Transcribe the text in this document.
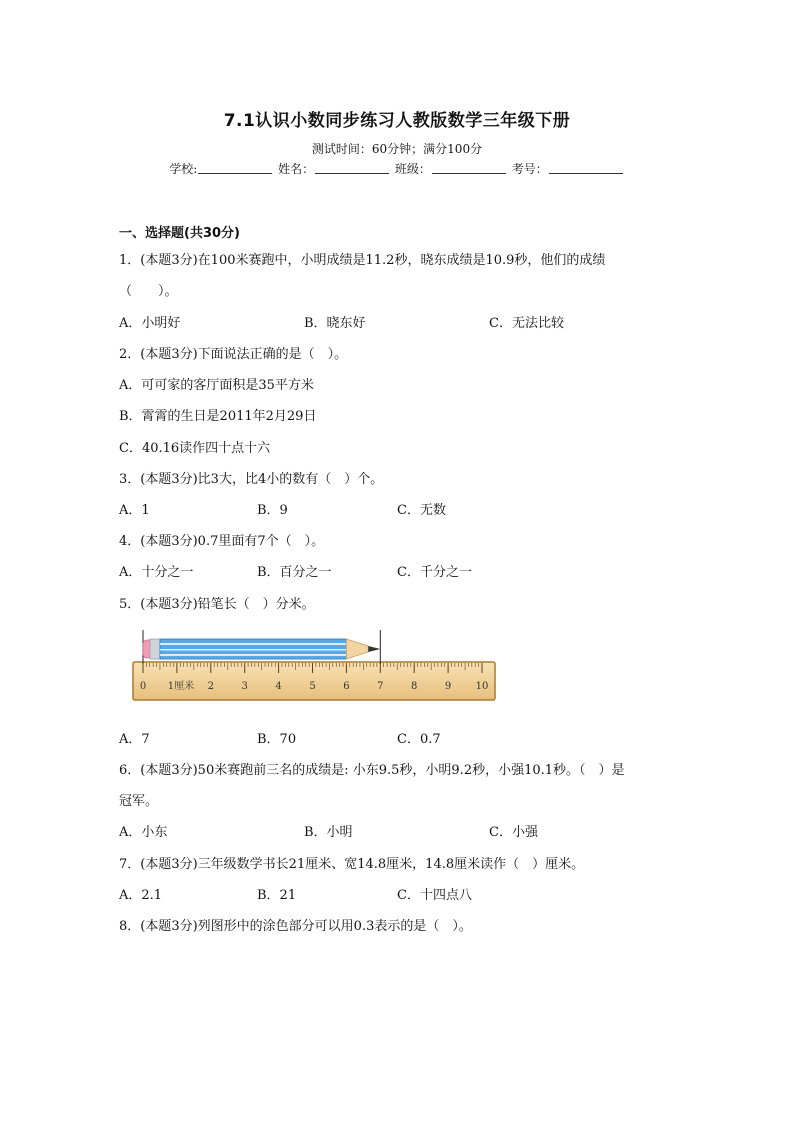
7.1认识小数同步练习人教版数学三年级下册
测试时间：60分钟；满分100分
学校:	姓名：	班级：	考号：
一、选择题(共30分)
1．(本题3分)在100米赛跑中，小明成绩是11.2秒，晓东成绩是10.9秒，他们的成绩
（　　）。
A．小明好	B．晓东好	C．无法比较
2．(本题3分)下面说法正确的是（　）。
A．可可家的客厅面积是35平方米
B．霄霄的生日是2011年2月29日
C．40.16读作四十点十六
3．(本题3分)比3大，比4小的数有（　）个。
A．1	B．9	C．无数
4．(本题3分)0.7里面有7个（　）。
A．十分之一	B．百分之一	C．千分之一
5．(本题3分)铅笔长（　）分米。
0 1厘米 2	3	4	5	6	7	8	9 10
A．7	B．70	C．0.7
6．(本题3分)50米赛跑前三名的成绩是: 小东9.5秒，小明9.2秒，小强10.1秒。（　）是
冠军。
A．小东	B．小明	C．小强
7．(本题3分)三年级数学书长21厘米、宽14.8厘米，14.8厘米读作（　）厘米。
A．2.1	B．21	C．十四点八
8．(本题3分)列图形中的涂色部分可以用0.3表示的是（　）。
